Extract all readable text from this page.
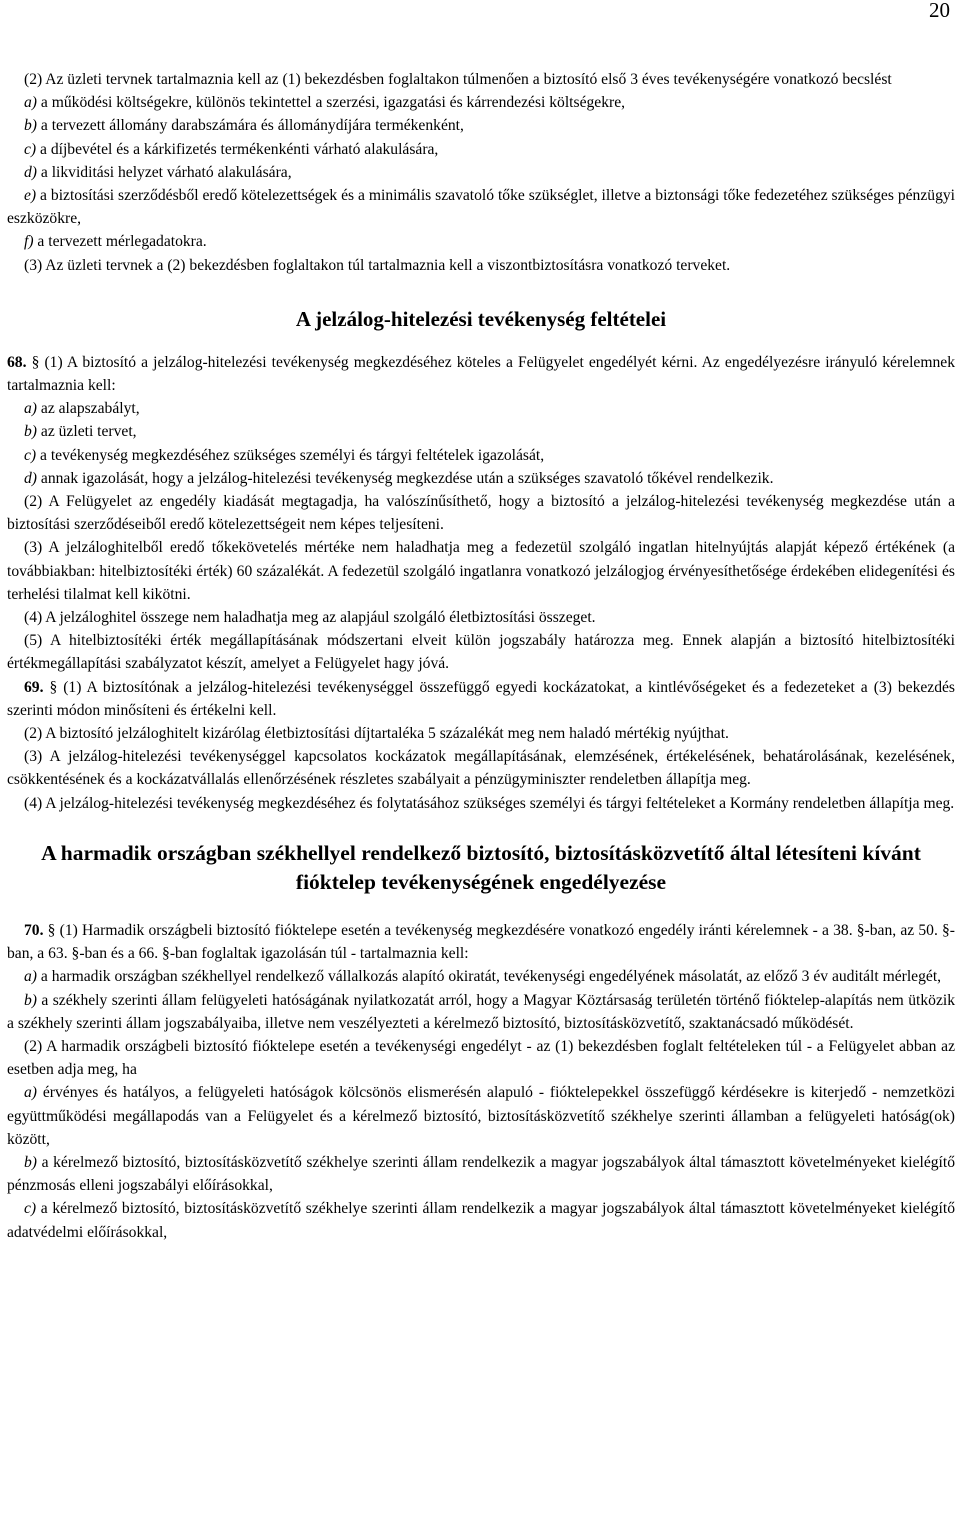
20

(2) Az üzleti tervnek tartalmaznia kell az (1) bekezdésben foglaltakon túlmenően a biztosító első 3 éves tevékenységére vonatkozó becslést

a) a működési költségekre, különös tekintettel a szerzési, igazgatási és kárrendezési költségekre,

b) a tervezett állomány darabszámára és állománydíjára termékenként,

c) a díjbevétel és a kárkifizetés termékenkénti várható alakulására,

d) a likviditási helyzet várható alakulására,

e) a biztosítási szerződésből eredő kötelezettségek és a minimális szavatoló tőke szükséglet, illetve a biztonsági tőke fedezetéhez szükséges pénzügyi eszközökre,

f) a tervezett mérlegadatokra.

(3) Az üzleti tervnek a (2) bekezdésben foglaltakon túl tartalmaznia kell a viszontbiztosításra vonatkozó terveket.

A jelzálog-hitelezési tevékenység feltételei

68. § (1) A biztosító a jelzálog-hitelezési tevékenység megkezdéséhez köteles a Felügyelet engedélyét kérni. Az engedélyezésre irányuló kérelemnek tartalmaznia kell:

a) az alapszabályt,

b) az üzleti tervet,

c) a tevékenység megkezdéséhez szükséges személyi és tárgyi feltételek igazolását,

d) annak igazolását, hogy a jelzálog-hitelezési tevékenység megkezdése után a szükséges szavatoló tőkével rendelkezik.

(2) A Felügyelet az engedély kiadását megtagadja, ha valószínűsíthető, hogy a biztosító a jelzálog-hitelezési tevékenység megkezdése után a biztosítási szerződéseiből eredő kötelezettségeit nem képes teljesíteni.

(3) A jelzáloghitelből eredő tőkekövetelés mértéke nem haladhatja meg a fedezetül szolgáló ingatlan hitelnyújtás alapját képező értékének (a továbbiakban: hitelbiztosítéki érték) 60 százalékát. A fedezetül szolgáló ingatlanra vonatkozó jelzálogjog érvényesíthetősége érdekében elidegenítési és terhelési tilalmat kell kikötni.

(4) A jelzáloghitel összege nem haladhatja meg az alapjául szolgáló életbiztosítási összeget.

(5) A hitelbiztosítéki érték megállapításának módszertani elveit külön jogszabály határozza meg. Ennek alapján a biztosító hitelbiztosítéki értékmegállapítási szabályzatot készít, amelyet a Felügyelet hagy jóvá.

69. § (1) A biztosítónak a jelzálog-hitelezési tevékenységgel összefüggő egyedi kockázatokat, a kintlévőségeket és a fedezeteket a (3) bekezdés szerinti módon minősíteni és értékelni kell.

(2) A biztosító jelzáloghitelt kizárólag életbiztosítási díjtartaléka 5 százalékát meg nem haladó mértékig nyújthat.

(3) A jelzálog-hitelezési tevékenységgel kapcsolatos kockázatok megállapításának, elemzésének, értékelésének, behatárolásának, kezelésének, csökkentésének és a kockázatvállalás ellenőrzésének részletes szabályait a pénzügyminiszter rendeletben állapítja meg.

(4) A jelzálog-hitelezési tevékenység megkezdéséhez és folytatásához szükséges személyi és tárgyi feltételeket a Kormány rendeletben állapítja meg.

A harmadik országban székhellyel rendelkező biztosító, biztosításközvetítő által létesíteni kívánt fióktelep tevékenységének engedélyezése

70. § (1) Harmadik országbeli biztosító fióktelepe esetén a tevékenység megkezdésére vonatkozó engedély iránti kérelemnek - a 38. §-ban, az 50. §-ban, a 63. §-ban és a 66. §-ban foglaltak igazolásán túl - tartalmaznia kell:

a) a harmadik országban székhellyel rendelkező vállalkozás alapító okiratát, tevékenységi engedélyének másolatát, az előző 3 év auditált mérlegét,

b) a székhely szerinti állam felügyeleti hatóságának nyilatkozatát arról, hogy a Magyar Köztársaság területén történő fióktelep-alapítás nem ütközik a székhely szerinti állam jogszabályaiba, illetve nem veszélyezteti a kérelmező biztosító, biztosításközvetítő, szaktanácsadó működését.

(2) A harmadik országbeli biztosító fióktelepe esetén a tevékenységi engedélyt - az (1) bekezdésben foglalt feltételeken túl - a Felügyelet abban az esetben adja meg, ha

a) érvényes és hatályos, a felügyeleti hatóságok kölcsönös elismerésén alapuló - fióktelepekkel összefüggő kérdésekre is kiterjedő - nemzetközi együttműködési megállapodás van a Felügyelet és a kérelmező biztosító, biztosításközvetítő székhelye szerinti államban a felügyeleti hatóság(ok) között,

b) a kérelmező biztosító, biztosításközvetítő székhelye szerinti állam rendelkezik a magyar jogszabályok által támasztott követelményeket kielégítő pénzmosás elleni jogszabályi előírásokkal,

c) a kérelmező biztosító, biztosításközvetítő székhelye szerinti állam rendelkezik a magyar jogszabályok által támasztott követelményeket kielégítő adatvédelmi előírásokkal,
